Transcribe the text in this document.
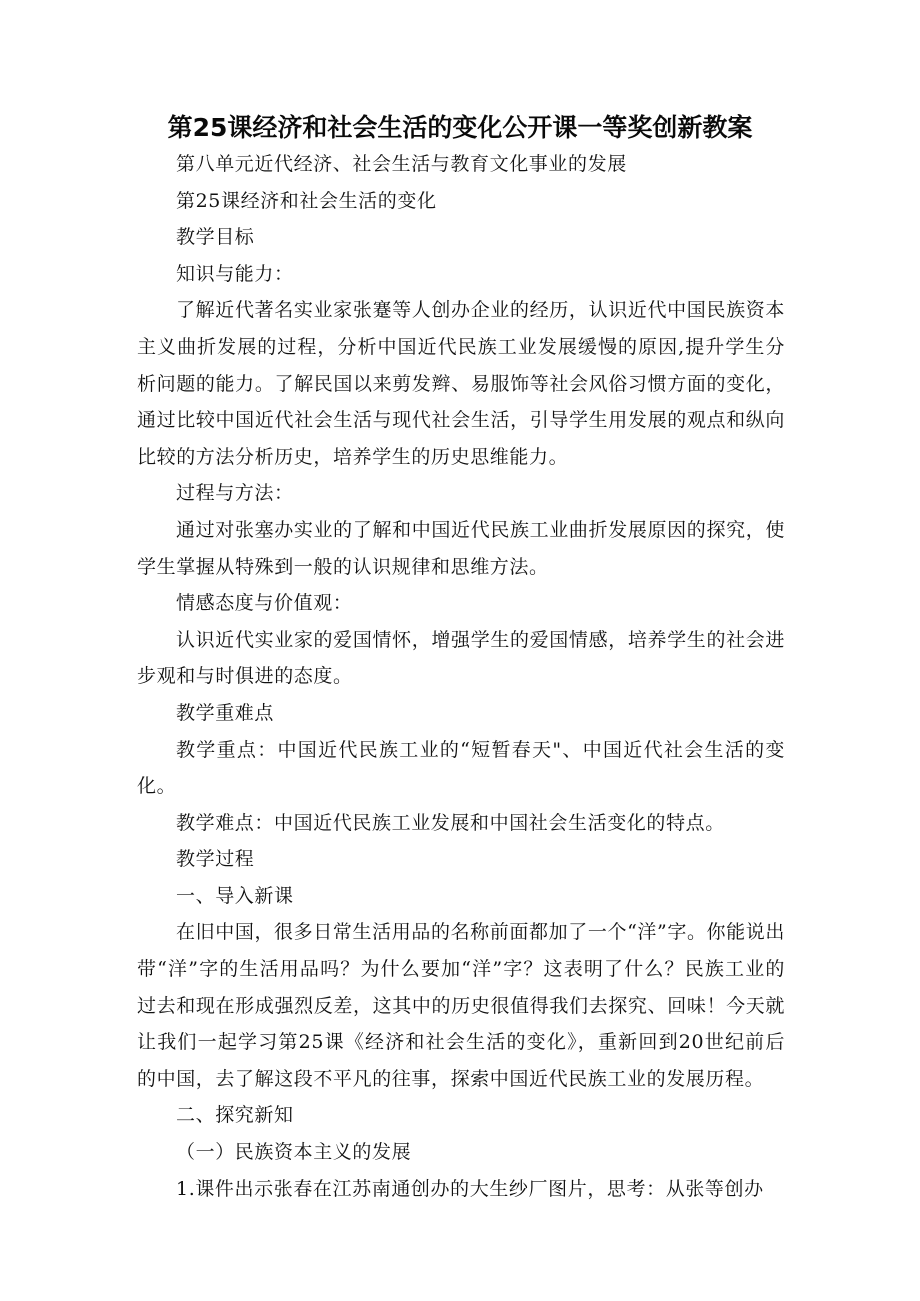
第25课经济和社会生活的变化公开课一等奖创新教案

第八单元近代经济、社会生活与教育文化事业的发展

第25课经济和社会生活的变化

教学目标

知识与能力：

了解近代著名实业家张蹇等人创办企业的经历，认识近代中国民族资本主义曲折发展的过程，分析中国近代民族工业发展缓慢的原因,提升学生分析问题的能力。了解民国以来剪发辫、易服饰等社会风俗习惯方面的变化，通过比较中国近代社会生活与现代社会生活，引导学生用发展的观点和纵向比较的方法分析历史，培养学生的历史思维能力。

过程与方法：

通过对张塞办实业的了解和中国近代民族工业曲折发展原因的探究，使学生掌握从特殊到一般的认识规律和思维方法。

情感态度与价值观：

认识近代实业家的爱国情怀，增强学生的爱国情感，培养学生的社会进步观和与时俱进的态度。

教学重难点

教学重点：中国近代民族工业的“短暂春天"、中国近代社会生活的变化。

教学难点：中国近代民族工业发展和中国社会生活变化的特点。

教学过程

一、导入新课

在旧中国，很多日常生活用品的名称前面都加了一个“洋”字。你能说出带“洋”字的生活用品吗？为什么要加“洋”字？这表明了什么？民族工业的过去和现在形成强烈反差，这其中的历史很值得我们去探究、回味！今天就让我们一起学习第25课《经济和社会生活的变化》，重新回到20世纪前后的中国，去了解这段不平凡的往事，探索中国近代民族工业的发展历程。

二、探究新知

（一）民族资本主义的发展

1.课件出示张春在江苏南通创办的大生纱厂图片，思考：从张等创办
